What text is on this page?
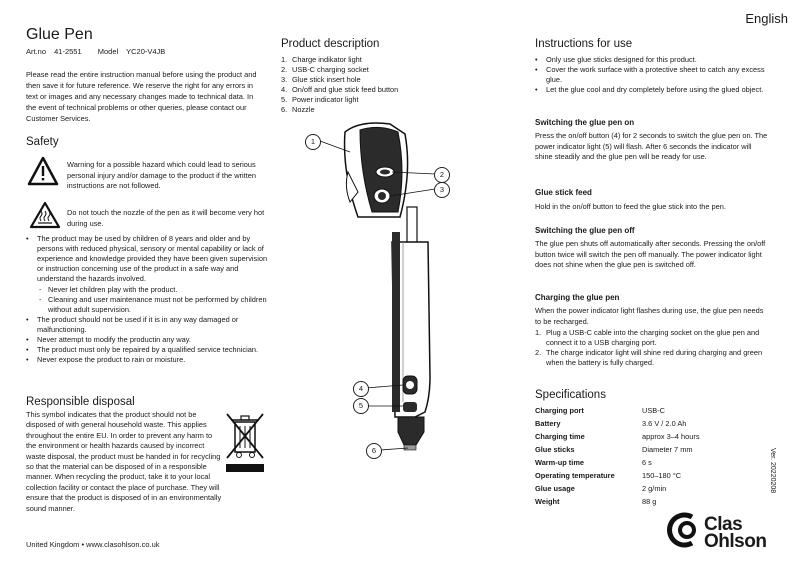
English
Glue Pen
Art.no 41-2551 Model YC20-V4JB
Please read the entire instruction manual before using the product and then save it for future reference. We reserve the right for any errors in text or images and any necessary changes made to technical data. In the event of technical problems or other queries, please contact our Customer Services.
Safety
Warning for a possible hazard which could lead to serious personal injury and/or damage to the product if the written instructions are not followed.
Do not touch the nozzle of the pen as it will become very hot during use.
• The product may be used by children of 8 years and older and by persons with reduced physical, sensory or mental capability or lack of experience and knowledge provided they have been given supervision or instruction concerning use of the product in a safe way and understand the hazards involved.
- Never let children play with the product.
- Cleaning and user maintenance must not be performed by children without adult supervision.
• The product should not be used if it is in any way damaged or malfunctioning.
• Never attempt to modify the productin any way.
• The product must only be repaired by a qualified service technician.
• Never expose the product to rain or moisture.
Responsible disposal
This symbol indicates that the product should not be disposed of with general household waste. This applies throughout the entire EU. In order to prevent any harm to the environment or health hazards caused by incorrect waste disposal, the product must be handed in for recycling so that the material can be disposed of in a responsible manner. When recycling the product, take it to your local collection facility or contact the place of purchase. They will ensure that the product is disposed of in an environmentally sound manner.
United Kingdom • www.clasohlson.co.uk
Product description
1. Charge indikator light
2. USB-C charging socket
3. Glue stick insert hole
4. On/off and glue stick feed button
5. Power indicator light
6. Nozzle
1
2
3
4
5
6
Instructions for use
• Only use glue sticks designed for this product.
• Cover the work surface with a protective sheet to catch any excess glue.
• Let the glue cool and dry completely before using the glued object.
Switching the glue pen on
Press the on/off button (4) for 2 seconds to switch the glue pen on. The power indicator light (5) will flash. After 6 seconds the indicator will shine steadily and the glue pen will be ready for use.
Glue stick feed
Hold in the on/off button to feed the glue stick into the pen.
Switching the glue pen off
The glue pen shuts off automatically after seconds. Pressing the on/off button twice will switch the pen off manually. The power indicator light does not shine when the glue pen is switched off.
Charging the glue pen
When the power indicator light flashes during use, the glue pen needs to be recharged.
1. Plug a USB-C cable into the charging socket on the glue pen and connect it to a USB charging port.
2. The charge indicator light will shine red during charging and green when the battery is fully charged.
Specifications
Charging port	USB-C
Battery	3.6 V / 2.0 Ah
Charging time	approx 3–4 hours
Glue sticks	Diameter 7 mm
Warm-up time	6 s
Operating temperature	150–180 °C
Glue usage	2 g/min
Weight	88 g
Ver. 20220208
Clas
Ohlson
